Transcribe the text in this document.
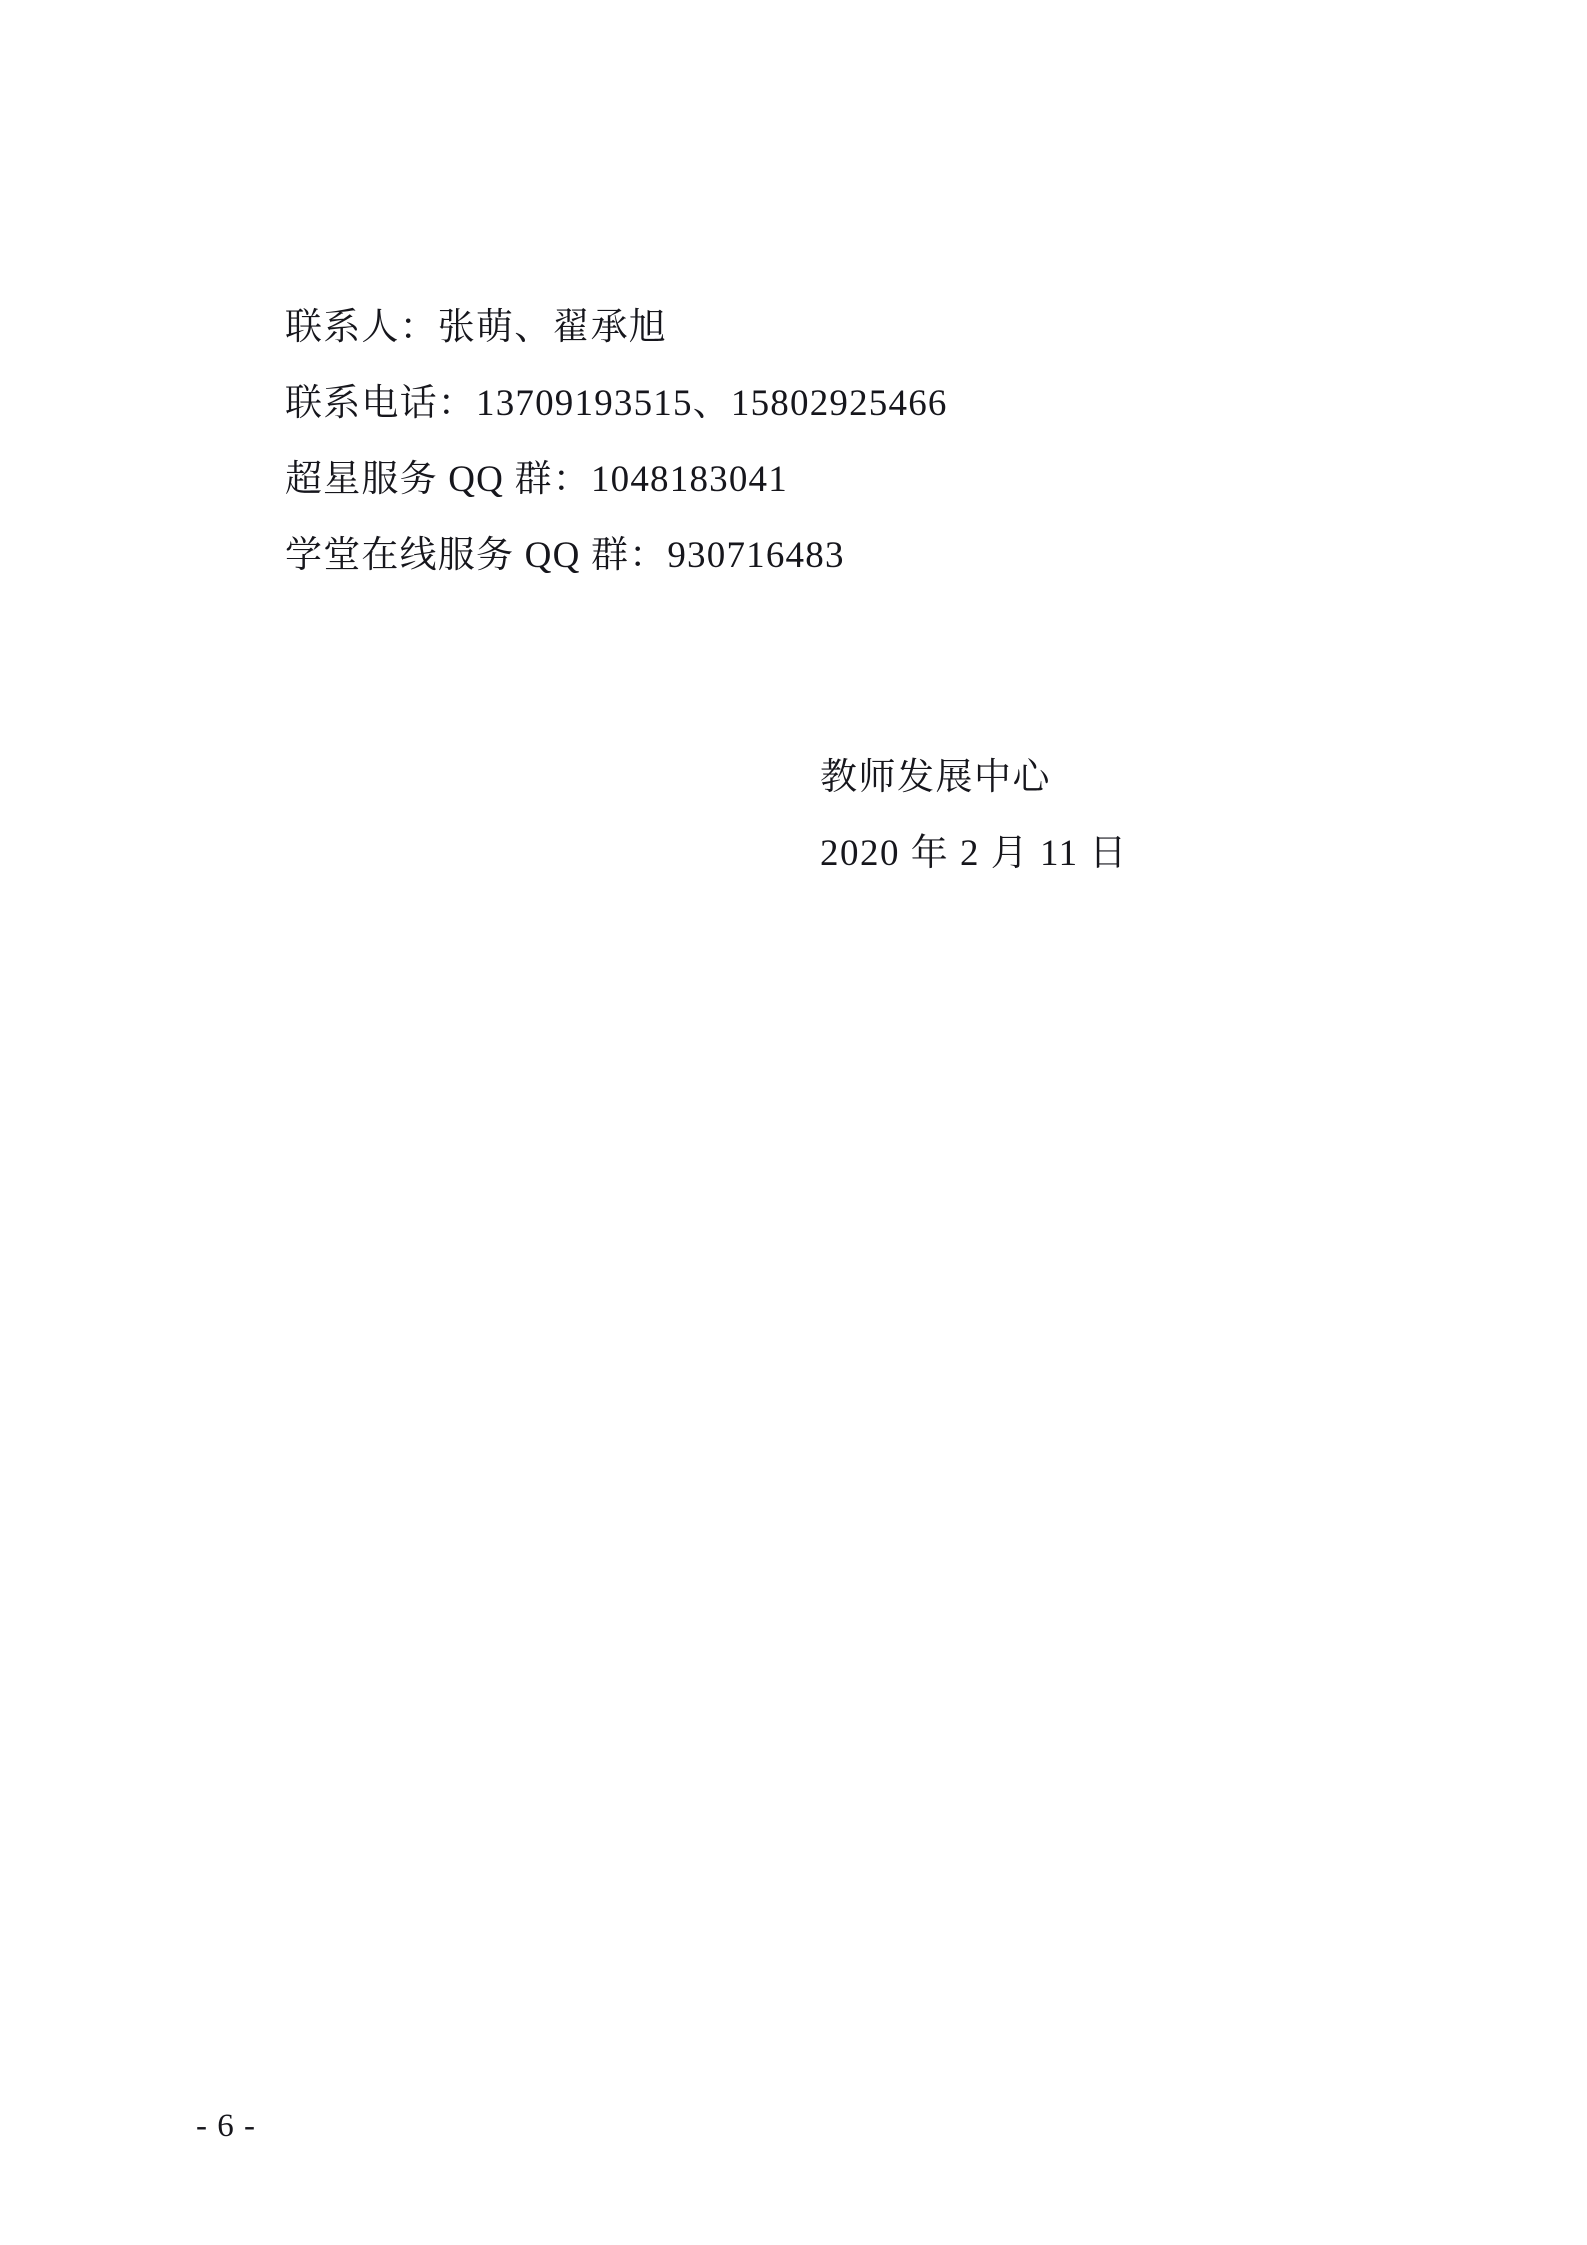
联系人：张萌、翟承旭
联系电话：13709193515、15802925466
超星服务 QQ 群：1048183041
学堂在线服务 QQ 群：930716483
教师发展中心
2020 年 2 月 11 日
- 6 -
